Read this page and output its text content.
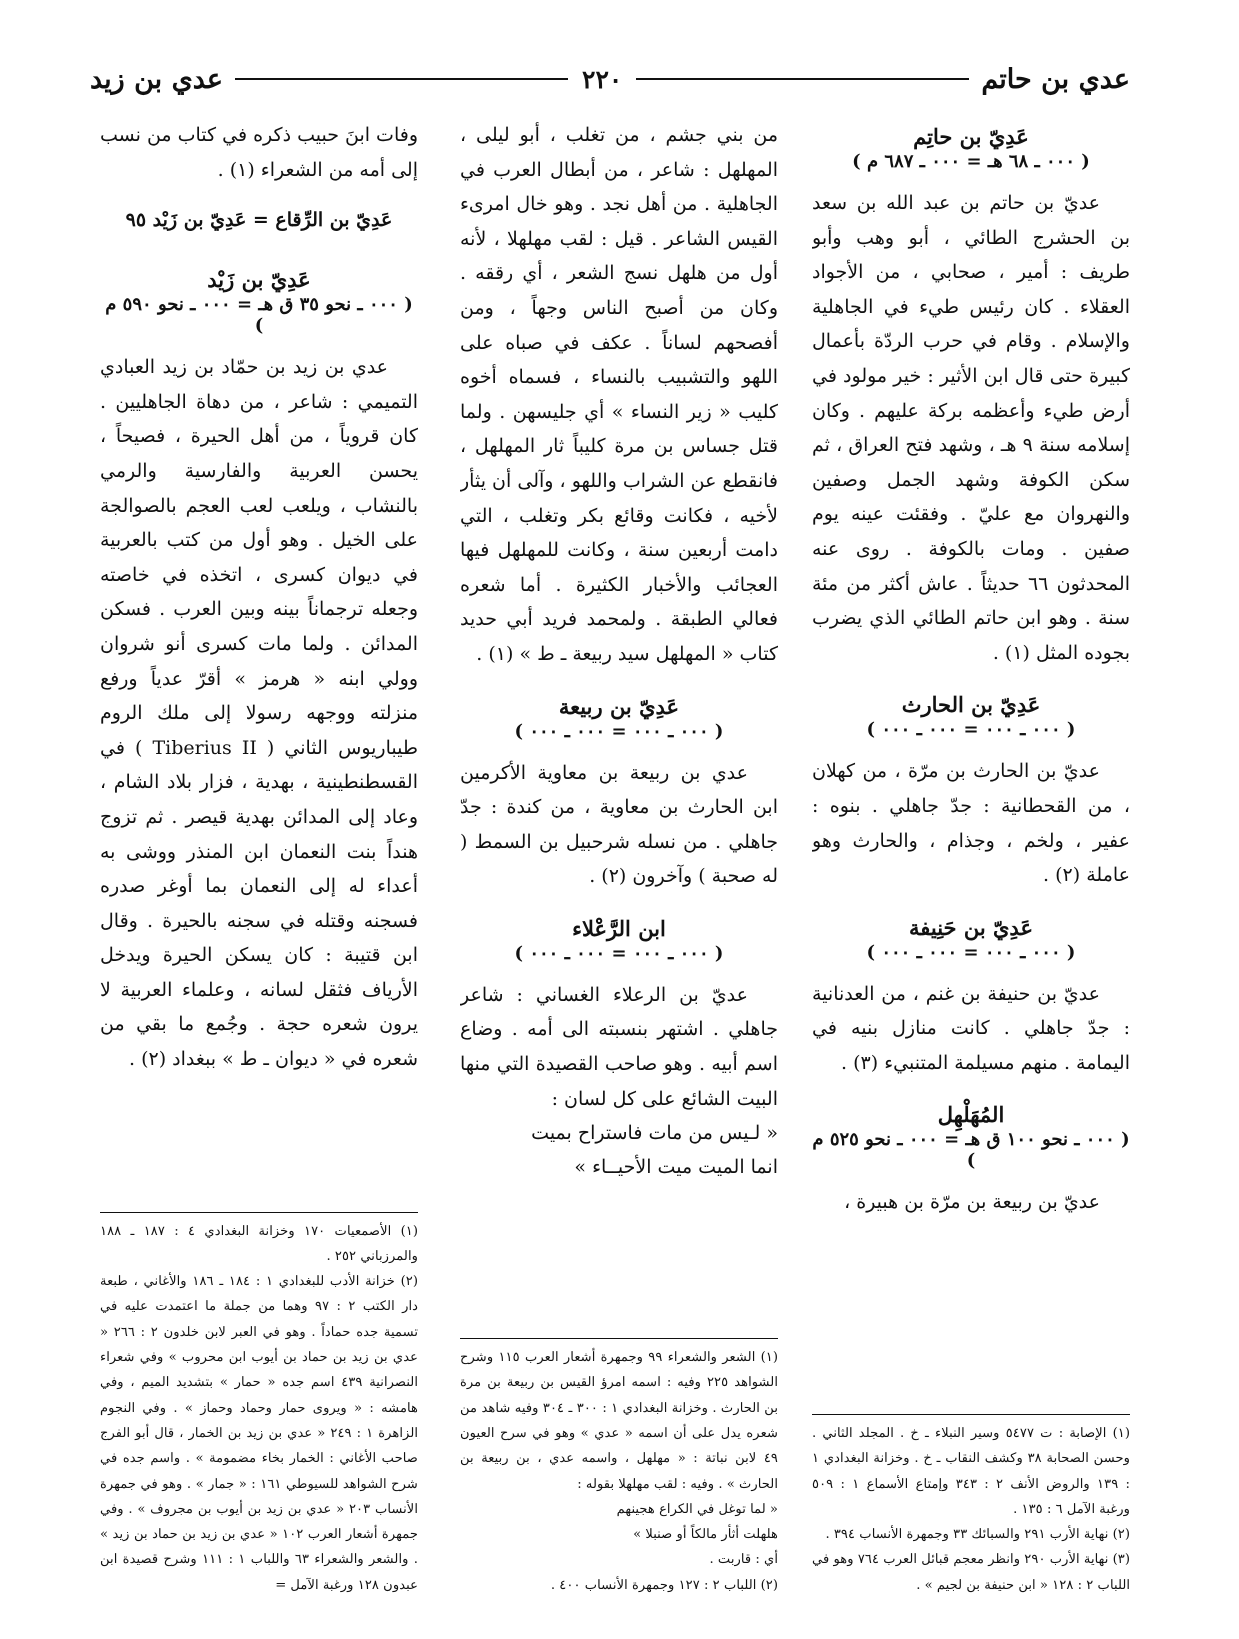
عدي بن حاتم
٢٢٠
عدي بن زيد
عَدِيّ بن حاتِم
( ٠٠٠ ـ ٦٨ هـ = ٠٠٠ ـ ٦٨٧ م )

عديّ بن حاتم بن عبد الله بن سعد بن الحشرج الطائي ، أبو وهب وأبو طريف : أمير ، صحابي ، من الأجواد العقلاء . كان رئيس طيء في الجاهلية والإسلام . وقام في حرب الردّة بأعمال كبيرة حتى قال ابن الأثير : خير مولود في أرض طيء وأعظمه بركة عليهم . وكان إسلامه سنة ٩ هـ ، وشهد فتح العراق ، ثم سكن الكوفة وشهد الجمل وصفين والنهروان مع عليّ . وفقئت عينه يوم صفين . ومات بالكوفة . روى عنه المحدثون ٦٦ حديثاً . عاش أكثر من مئة سنة . وهو ابن حاتم الطائي الذي يضرب بجوده المثل (١) .

عَدِيّ بن الحارث
( ٠٠٠ ـ ٠٠٠ = ٠٠٠ ـ ٠٠٠ )

عديّ بن الحارث بن مرّة ، من كهلان ، من القحطانية : جدّ جاهلي . بنوه : عفير ، ولخم ، وجذام ، والحارث وهو عاملة (٢) .

عَدِيّ بن حَنِيفة
( ٠٠٠ ـ ٠٠٠ = ٠٠٠ ـ ٠٠٠ )

عديّ بن حنيفة بن غنم ، من العدنانية : جدّ جاهلي . كانت منازل بنيه في اليمامة . منهم مسيلمة المتنبيء (٣) .

المُهَلْهِل
( ٠٠٠ ـ نحو ١٠٠ ق هـ = ٠٠٠ ـ نحو ٥٢٥ م )

عديّ بن ربيعة بن مرّة بن هبيرة ،

(١) الإصابة : ت ٥٤٧٧ وسير النبلاء ـ خ . المجلد الثاني . وحسن الصحابة ٣٨ وكشف النقاب ـ خ . وخزانة البغدادي ١ : ١٣٩ والروض الأنف ٢ : ٣٤٣ وإمتاع الأسماع ١ : ٥٠٩ ورغبة الآمل ٦ : ١٣٥ .

(٢) نهاية الأرب ٢٩١ والسبائك ٣٣ وجمهرة الأنساب ٣٩٤ .

(٣) نهاية الأرب ٢٩٠ وانظر معجم قبائل العرب ٧٦٤ وهو في اللباب ٢ : ١٢٨ « ابن حنيفة بن لجيم » .

من بني جشم ، من تغلب ، أبو ليلى ، المهلهل : شاعر ، من أبطال العرب في الجاهلية . من أهل نجد . وهو خال امرىء القيس الشاعر . قيل : لقب مهلهلا ، لأنه أول من هلهل نسج الشعر ، أي رققه . وكان من أصبح الناس وجهاً ، ومن أفصحهم لساناً . عكف في صباه على اللهو والتشبيب بالنساء ، فسماه أخوه كليب « زير النساء » أي جليسهن . ولما قتل جساس بن مرة كليباً ثار المهلهل ، فانقطع عن الشراب واللهو ، وآلى أن يثأر لأخيه ، فكانت وقائع بكر وتغلب ، التي دامت أربعين سنة ، وكانت للمهلهل فيها العجائب والأخبار الكثيرة . أما شعره فعالي الطبقة . ولمحمد فريد أبي حديد كتاب « المهلهل سيد ربيعة ـ ط » (١) .

عَدِيّ بن ربيعة
( ٠٠٠ ـ ٠٠٠ = ٠٠٠ ـ ٠٠٠ )

عدي بن ربيعة بن معاوية الأكرمين ابن الحارث بن معاوية ، من كندة : جدّ جاهلي . من نسله شرحبيل بن السمط ( له صحبة ) وآخرون (٢) .

ابن الرَّعْلاء
( ٠٠٠ ـ ٠٠٠ = ٠٠٠ ـ ٠٠٠ )

عديّ بن الرعلاء الغساني : شاعر جاهلي . اشتهر بنسبته الى أمه . وضاع اسم أبيه . وهو صاحب القصيدة التي منها البيت الشائع على كل لسان :

« لـيس من مات فاستراح بميت
انما الميت ميت الأحيــاء »

(١) الشعر والشعراء ٩٩ وجمهرة أشعار العرب ١١٥ وشرح الشواهد ٢٢٥ وفيه : اسمه امرؤ القيس بن ربيعة بن مرة بن الحارث . وخزانة البغدادي ١ : ٣٠٠ ـ ٣٠٤ وفيه شاهد من شعره يدل على أن اسمه « عدي » وهو في سرح العيون ٤٩ لابن نباتة : « مهلهل ، واسمه عدي ، بن ربيعة بن الحارث » . وفيه : لقب مهلهلا بقوله :

« لما توغل في الكراع هجينهم

هلهلت أثأر مالكاً أو صنبلا »

أي : قاربت .

(٢) اللباب ٢ : ١٢٧ وجمهرة الأنساب ٤٠٠ .

وفات ابنَ حبيب ذكره في كتاب من نسب إلى أمه من الشعراء (١) .

عَدِيّ بن الرِّقاع = عَدِيّ بن زَيْد ٩٥
عَدِيّ بن زَيْد
( ٠٠٠ ـ نحو ٣٥ ق هـ = ٠٠٠ ـ نحو ٥٩٠ م )

عدي بن زيد بن حمّاد بن زيد العبادي التميمي : شاعر ، من دهاة الجاهليين . كان قروياً ، من أهل الحيرة ، فصيحاً ، يحسن العربية والفارسية والرمي بالنشاب ، ويلعب لعب العجم بالصوالجة على الخيل . وهو أول من كتب بالعربية في ديوان كسرى ، اتخذه في خاصته وجعله ترجماناً بينه وبين العرب . فسكن المدائن . ولما مات كسرى أنو شروان وولي ابنه « هرمز » أقرّ عدياً ورفع منزلته ووجهه رسولا إلى ملك الروم طيباريوس الثاني ( Tiberius II ) في القسطنطينية ، بهدية ، فزار بلاد الشام ، وعاد إلى المدائن بهدية قيصر . ثم تزوج هنداً بنت النعمان ابن المنذر ووشى به أعداء له إلى النعمان بما أوغر صدره فسجنه وقتله في سجنه بالحيرة . وقال ابن قتيبة : كان يسكن الحيرة ويدخل الأرياف فثقل لسانه ، وعلماء العربية لا يرون شعره حجة . وجُمع ما بقي من شعره في « ديوان ـ ط » ببغداد (٢) .

(١) الأصمعيات ١٧٠ وخزانة البغدادي ٤ : ١٨٧ ـ ١٨٨ والمرزباني ٢٥٢ .

(٢) خزانة الأدب للبغدادي ١ : ١٨٤ ـ ١٨٦ والأغاني ، طبعة دار الكتب ٢ : ٩٧ وهما من جملة ما اعتمدت عليه في تسمية جده حماداً . وهو في العبر لابن خلدون ٢ : ٢٦٦ « عدي بن زيد بن حماد بن أيوب ابن محروب » وفي شعراء النصرانية ٤٣٩ اسم جده « حمار » بتشديد الميم ، وفي هامشه : « ويروى حمار وحماد وحماز » . وفي النجوم الزاهرة ١ : ٢٤٩ « عدي بن زيد بن الخمار ، قال أبو الفرج صاحب الأغاني : الخمار بخاء مضمومة » . واسم جده في شرح الشواهد للسيوطي ١٦١ : « جمار » . وهو في جمهرة الأنساب ٢٠٣ « عدي بن زيد بن أيوب بن مجروف » . وفي جمهرة أشعار العرب ١٠٢ « عدي بن زيد بن حماد بن زيد » . والشعر والشعراء ٦٣ واللباب ١ : ١١١ وشرح قصيدة ابن عبدون ١٢٨ ورغبة الآمل =
